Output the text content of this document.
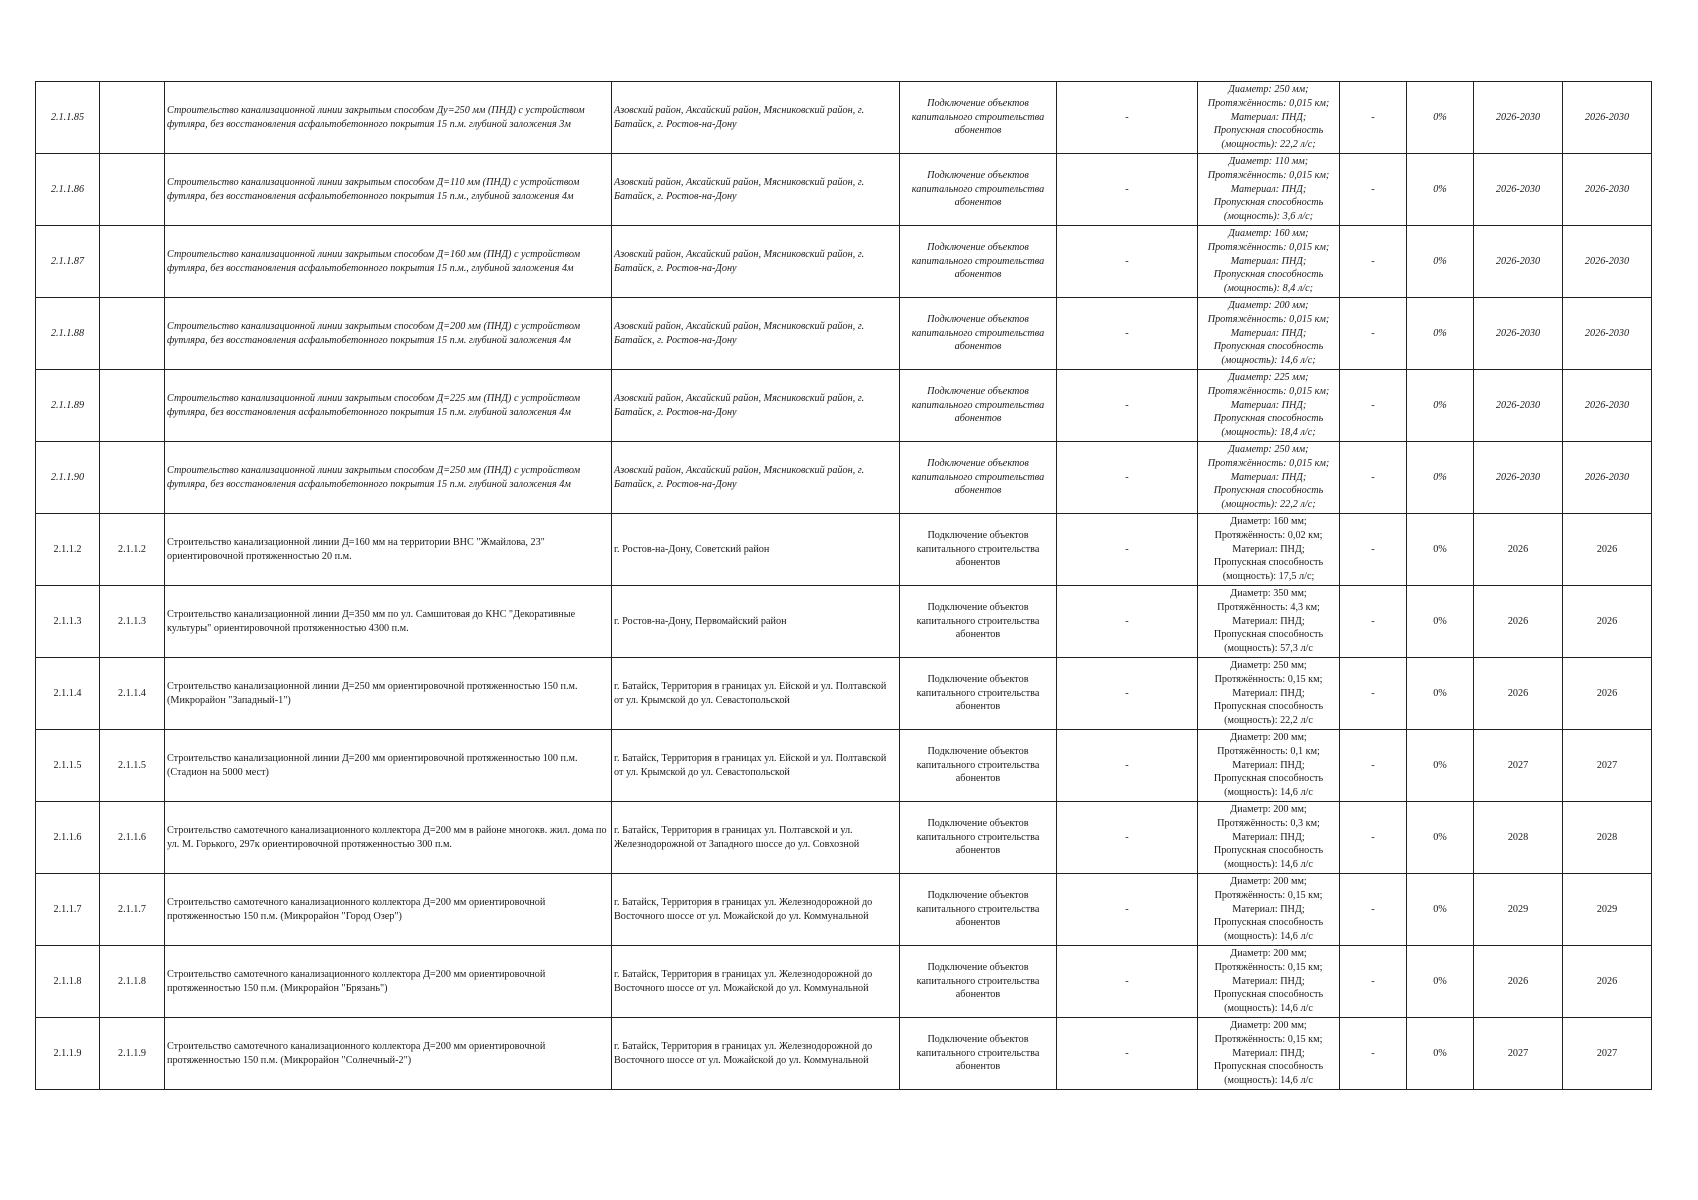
2.1.1.85		Строительство канализационной линии закрытым способом Ду=250 мм (ПНД) с устройством футляра, без восстановления асфальтобетонного покрытия 15 п.м. глубиной заложения 3м	Азовский район, Аксайский район, Мясниковский район, г. Батайск, г. Ростов-на-Дону	Подключение объектов капитального строительства абонентов	-	Диаметр: 250 мм;
Протяжённость: 0,015 км;
Материал: ПНД;
Пропускная способность
(мощность): 22,2 л/с;	-	0%	2026-2030	2026-2030
2.1.1.86		Строительство канализационной линии закрытым способом Д=110 мм (ПНД) с устройством футляра, без восстановления асфальтобетонного покрытия 15 п.м., глубиной заложения 4м	Азовский район, Аксайский район, Мясниковский район, г. Батайск, г. Ростов-на-Дону	Подключение объектов капитального строительства абонентов	-	Диаметр: 110 мм;
Протяжённость: 0,015 км;
Материал: ПНД;
Пропускная способность
(мощность): 3,6 л/с;	-	0%	2026-2030	2026-2030
2.1.1.87		Строительство канализационной линии закрытым способом Д=160 мм (ПНД) с устройством футляра, без восстановления асфальтобетонного покрытия 15 п.м., глубиной заложения 4м	Азовский район, Аксайский район, Мясниковский район, г. Батайск, г. Ростов-на-Дону	Подключение объектов капитального строительства абонентов	-	Диаметр: 160 мм;
Протяжённость: 0,015 км;
Материал: ПНД;
Пропускная способность
(мощность): 8,4 л/с;	-	0%	2026-2030	2026-2030
2.1.1.88		Строительство канализационной линии закрытым способом Д=200 мм (ПНД) с устройством футляра, без восстановления асфальтобетонного покрытия 15 п.м. глубиной заложения 4м	Азовский район, Аксайский район, Мясниковский район, г. Батайск, г. Ростов-на-Дону	Подключение объектов капитального строительства абонентов	-	Диаметр: 200 мм;
Протяжённость: 0,015 км;
Материал: ПНД;
Пропускная способность
(мощность): 14,6 л/с;	-	0%	2026-2030	2026-2030
2.1.1.89		Строительство канализационной линии закрытым способом Д=225 мм (ПНД) с устройством футляра, без восстановления асфальтобетонного покрытия 15 п.м. глубиной заложения 4м	Азовский район, Аксайский район, Мясниковский район, г. Батайск, г. Ростов-на-Дону	Подключение объектов капитального строительства абонентов	-	Диаметр: 225 мм;
Протяжённость: 0,015 км;
Материал: ПНД;
Пропускная способность
(мощность): 18,4 л/с;	-	0%	2026-2030	2026-2030
2.1.1.90		Строительство канализационной линии закрытым способом Д=250 мм (ПНД) с устройством футляра, без восстановления асфальтобетонного покрытия 15 п.м. глубиной заложения 4м	Азовский район, Аксайский район, Мясниковский район, г. Батайск, г. Ростов-на-Дону	Подключение объектов капитального строительства абонентов	-	Диаметр: 250 мм;
Протяжённость: 0,015 км;
Материал: ПНД;
Пропускная способность
(мощность): 22,2 л/с;	-	0%	2026-2030	2026-2030
2.1.1.2	2.1.1.2	Строительство канализационной линии Д=160 мм на территории ВНС "Жмайлова, 23" ориентировочной протяженностью 20 п.м.	г. Ростов-на-Дону, Советский район	Подключение объектов капитального строительства абонентов	-	Диаметр: 160 мм;
Протяжённость: 0,02 км;
Материал: ПНД;
Пропускная способность
(мощность): 17,5 л/с;	-	0%	2026	2026
2.1.1.3	2.1.1.3	Строительство канализационной линии Д=350 мм по ул. Самшитовая до КНС "Декоративные культуры" ориентировочной протяженностью 4300 п.м.	г. Ростов-на-Дону, Первомайский район	Подключение объектов капитального строительства абонентов	-	Диаметр: 350 мм;
Протяжённость: 4,3 км;
Материал: ПНД;
Пропускная способность
(мощность): 57,3 л/с	-	0%	2026	2026
2.1.1.4	2.1.1.4	Строительство канализационной линии Д=250 мм ориентировочной протяженностью 150 п.м. (Микрорайон "Западный-1")	г. Батайск, Территория в границах ул. Ейской и ул. Полтавской от ул. Крымской до ул. Севастопольской	Подключение объектов капитального строительства абонентов	-	Диаметр: 250 мм;
Протяжённость: 0,15 км;
Материал: ПНД;
Пропускная способность
(мощность): 22,2 л/с	-	0%	2026	2026
2.1.1.5	2.1.1.5	Строительство канализационной линии Д=200 мм ориентировочной протяженностью 100 п.м. (Стадион на 5000 мест)	г. Батайск, Территория в границах ул. Ейской и ул. Полтавской от ул. Крымской до ул. Севастопольской	Подключение объектов капитального строительства абонентов	-	Диаметр: 200 мм;
Протяжённость: 0,1 км;
Материал: ПНД;
Пропускная способность
(мощность): 14,6 л/с	-	0%	2027	2027
2.1.1.6	2.1.1.6	Строительство самотечного канализационного коллектора Д=200 мм в районе многокв. жил. дома по ул. М. Горького, 297к ориентировочной протяженностью 300 п.м.	г. Батайск, Территория в границах ул. Полтавской и ул. Железнодорожной от Западного шоссе до ул. Совхозной	Подключение объектов капитального строительства абонентов	-	Диаметр: 200 мм;
Протяжённость: 0,3 км;
Материал: ПНД;
Пропускная способность
(мощность): 14,6 л/с	-	0%	2028	2028
2.1.1.7	2.1.1.7	Строительство самотечного канализационного коллектора Д=200 мм ориентировочной протяженностью 150 п.м. (Микрорайон "Город Озер")	г. Батайск, Территория в границах ул. Железнодорожной до Восточного шоссе от ул. Можайской до ул. Коммунальной	Подключение объектов капитального строительства абонентов	-	Диаметр: 200 мм;
Протяжённость: 0,15 км;
Материал: ПНД;
Пропускная способность
(мощность): 14,6 л/с	-	0%	2029	2029
2.1.1.8	2.1.1.8	Строительство самотечного канализационного коллектора Д=200 мм ориентировочной протяженностью 150 п.м. (Микрорайон "Брязань")	г. Батайск, Территория в границах ул. Железнодорожной до Восточного шоссе от ул. Можайской до ул. Коммунальной	Подключение объектов капитального строительства абонентов	-	Диаметр: 200 мм;
Протяжённость: 0,15 км;
Материал: ПНД;
Пропускная способность
(мощность): 14,6 л/с	-	0%	2026	2026
2.1.1.9	2.1.1.9	Строительство самотечного канализационного коллектора Д=200 мм ориентировочной протяженностью 150 п.м. (Микрорайон "Солнечный-2")	г. Батайск, Территория в границах ул. Железнодорожной до Восточного шоссе от ул. Можайской до ул. Коммунальной	Подключение объектов капитального строительства абонентов	-	Диаметр: 200 мм;
Протяжённость: 0,15 км;
Материал: ПНД;
Пропускная способность
(мощность): 14,6 л/с	-	0%	2027	2027
